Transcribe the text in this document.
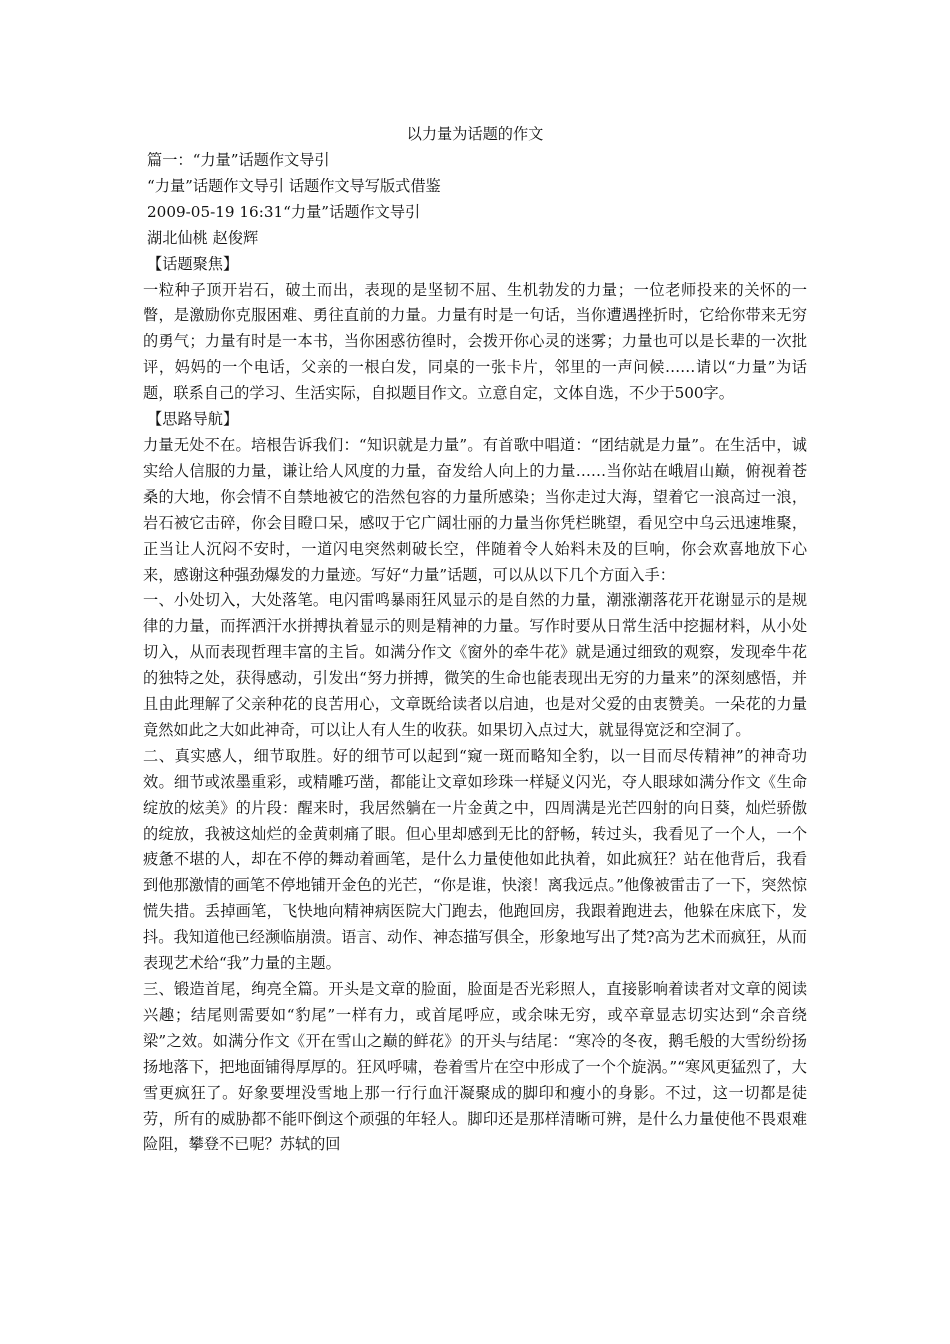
以力量为话题的作文

篇一：“力量”话题作文导引

“力量”话题作文导引 话题作文导写版式借鉴

2009-05-19 16:31“力量”话题作文导引

湖北仙桃 赵俊辉

【话题聚焦】

一粒种子顶开岩石，破土而出，表现的是坚韧不屈、生机勃发的力量；一位老师投来的关怀的一瞥，是激励你克服困难、勇往直前的力量。力量有时是一句话，当你遭遇挫折时，它给你带来无穷的勇气；力量有时是一本书，当你困惑彷徨时，会拨开你心灵的迷雾；力量也可以是长辈的一次批评，妈妈的一个电话，父亲的一根白发，同桌的一张卡片，邻里的一声问候……请以“力量”为话题，联系自己的学习、生活实际，自拟题目作文。立意自定，文体自选，不少于500字。

【思路导航】

力量无处不在。培根告诉我们：“知识就是力量”。有首歌中唱道：“团结就是力量”。在生活中，诚实给人信服的力量，谦让给人风度的力量，奋发给人向上的力量……当你站在峨眉山巅，俯视着苍桑的大地，你会情不自禁地被它的浩然包容的力量所感染；当你走过大海，望着它一浪高过一浪，岩石被它击碎，你会目瞪口呆，感叹于它广阔壮丽的力量当你凭栏眺望，看见空中乌云迅速堆聚，正当让人沉闷不安时，一道闪电突然刺破长空，伴随着令人始料未及的巨响，你会欢喜地放下心来，感谢这种强劲爆发的力量迹。写好“力量”话题，可以从以下几个方面入手：

一、小处切入，大处落笔。电闪雷鸣暴雨狂风显示的是自然的力量，潮涨潮落花开花谢显示的是规律的力量，而挥洒汗水拼搏执着显示的则是精神的力量。写作时要从日常生活中挖掘材料，从小处切入，从而表现哲理丰富的主旨。如满分作文《窗外的牵牛花》就是通过细致的观察，发现牵牛花的独特之处，获得感动，引发出“努力拼搏，微笑的生命也能表现出无穷的力量来”的深刻感悟，并且由此理解了父亲种花的良苦用心，文章既给读者以启迪，也是对父爱的由衷赞美。一朵花的力量竟然如此之大如此神奇，可以让人有人生的收获。如果切入点过大，就显得宽泛和空洞了。

二、真实感人，细节取胜。好的细节可以起到“窥一斑而略知全豹，以一目而尽传精神”的神奇功效。细节或浓墨重彩，或精雕巧凿，都能让文章如珍珠一样疑义闪光，夺人眼球如满分作文《生命绽放的炫美》的片段：醒来时，我居然躺在一片金黄之中，四周满是光芒四射的向日葵，灿烂骄傲的绽放，我被这灿烂的金黄刺痛了眼。但心里却感到无比的舒畅，转过头，我看见了一个人，一个疲惫不堪的人，却在不停的舞动着画笔，是什么力量使他如此执着，如此疯狂？站在他背后，我看到他那激情的画笔不停地铺开金色的光芒，“你是谁，快滚！离我远点。”他像被雷击了一下，突然惊慌失措。丢掉画笔，飞快地向精神病医院大门跑去，他跑回房，我跟着跑进去，他躲在床底下，发抖。我知道他已经濒临崩溃。语言、动作、神态描写俱全，形象地写出了梵?高为艺术而疯狂，从而表现艺术给“我”力量的主题。

三、锻造首尾，绚亮全篇。开头是文章的脸面，脸面是否光彩照人，直接影响着读者对文章的阅读兴趣；结尾则需要如“豹尾”一样有力，或首尾呼应，或余味无穷，或卒章显志切实达到“余音绕梁”之效。如满分作文《开在雪山之巅的鲜花》的开头与结尾：“寒冷的冬夜，鹅毛般的大雪纷纷扬扬地落下，把地面铺得厚厚的。狂风呼啸，卷着雪片在空中形成了一个个旋涡。”“寒风更猛烈了，大雪更疯狂了。好象要埋没雪地上那一行行血汗凝聚成的脚印和瘦小的身影。不过，这一切都是徒劳，所有的威胁都不能吓倒这个顽强的年轻人。脚印还是那样清晰可辨，是什么力量使他不畏艰难险阻，攀登不已呢？苏轼的回
